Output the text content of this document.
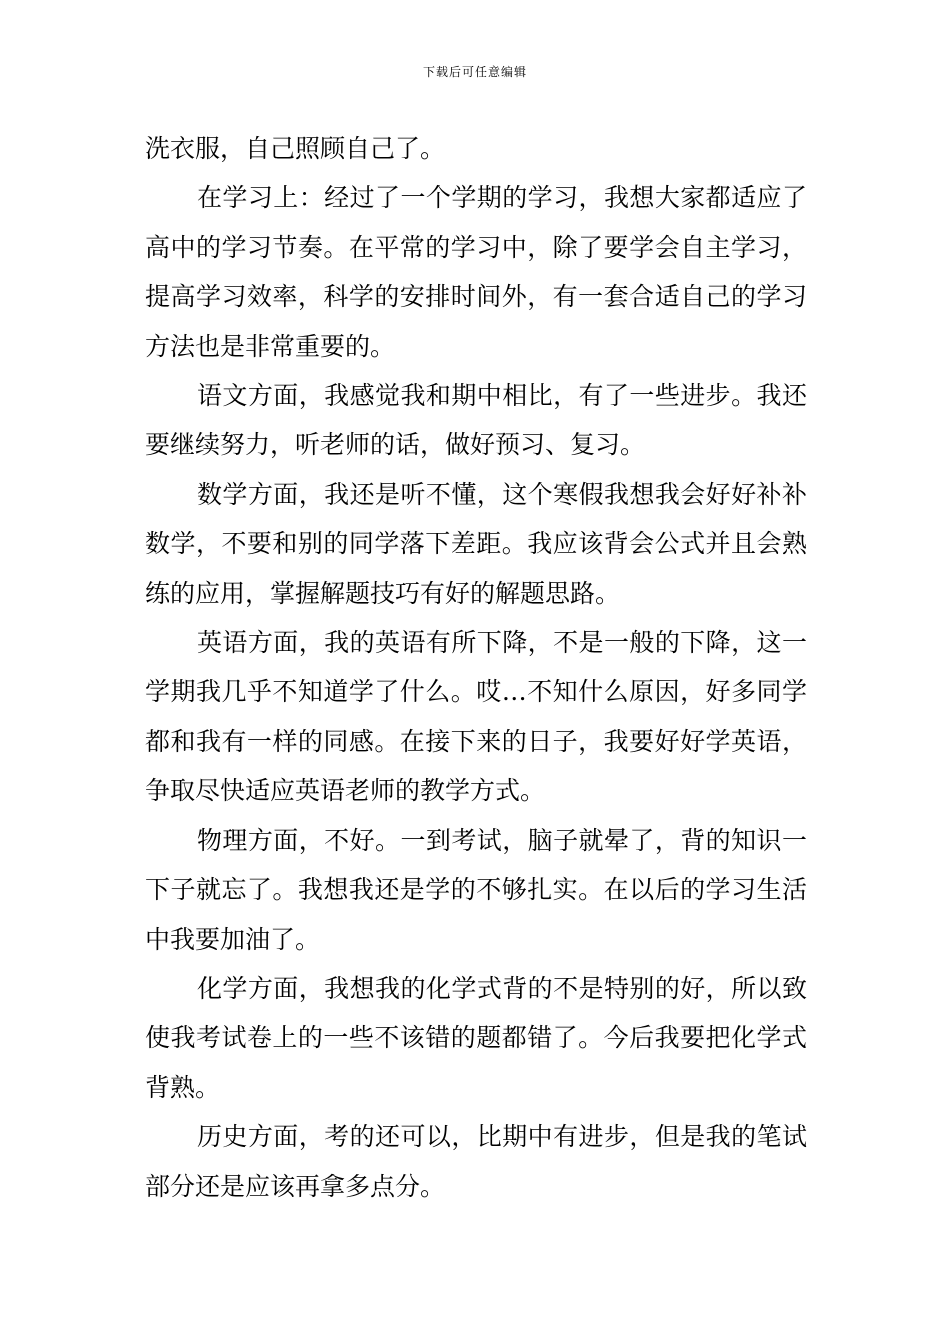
下载后可任意编辑

洗衣服，自己照顾自己了。

在学习上：经过了一个学期的学习，我想大家都适应了高中的学习节奏。在平常的学习中，除了要学会自主学习，提高学习效率，科学的安排时间外，有一套合适自己的学习方法也是非常重要的。

语文方面，我感觉我和期中相比，有了一些进步。我还要继续努力，听老师的话，做好预习、复习。

数学方面，我还是听不懂，这个寒假我想我会好好补补数学，不要和别的同学落下差距。我应该背会公式并且会熟练的应用，掌握解题技巧有好的解题思路。

英语方面，我的英语有所下降，不是一般的下降，这一学期我几乎不知道学了什么。哎…不知什么原因，好多同学都和我有一样的同感。在接下来的日子，我要好好学英语，争取尽快适应英语老师的教学方式。

物理方面，不好。一到考试，脑子就晕了，背的知识一下子就忘了。我想我还是学的不够扎实。在以后的学习生活中我要加油了。

化学方面，我想我的化学式背的不是特别的好，所以致使我考试卷上的一些不该错的题都错了。今后我要把化学式背熟。

历史方面，考的还可以，比期中有进步，但是我的笔试部分还是应该再拿多点分。
